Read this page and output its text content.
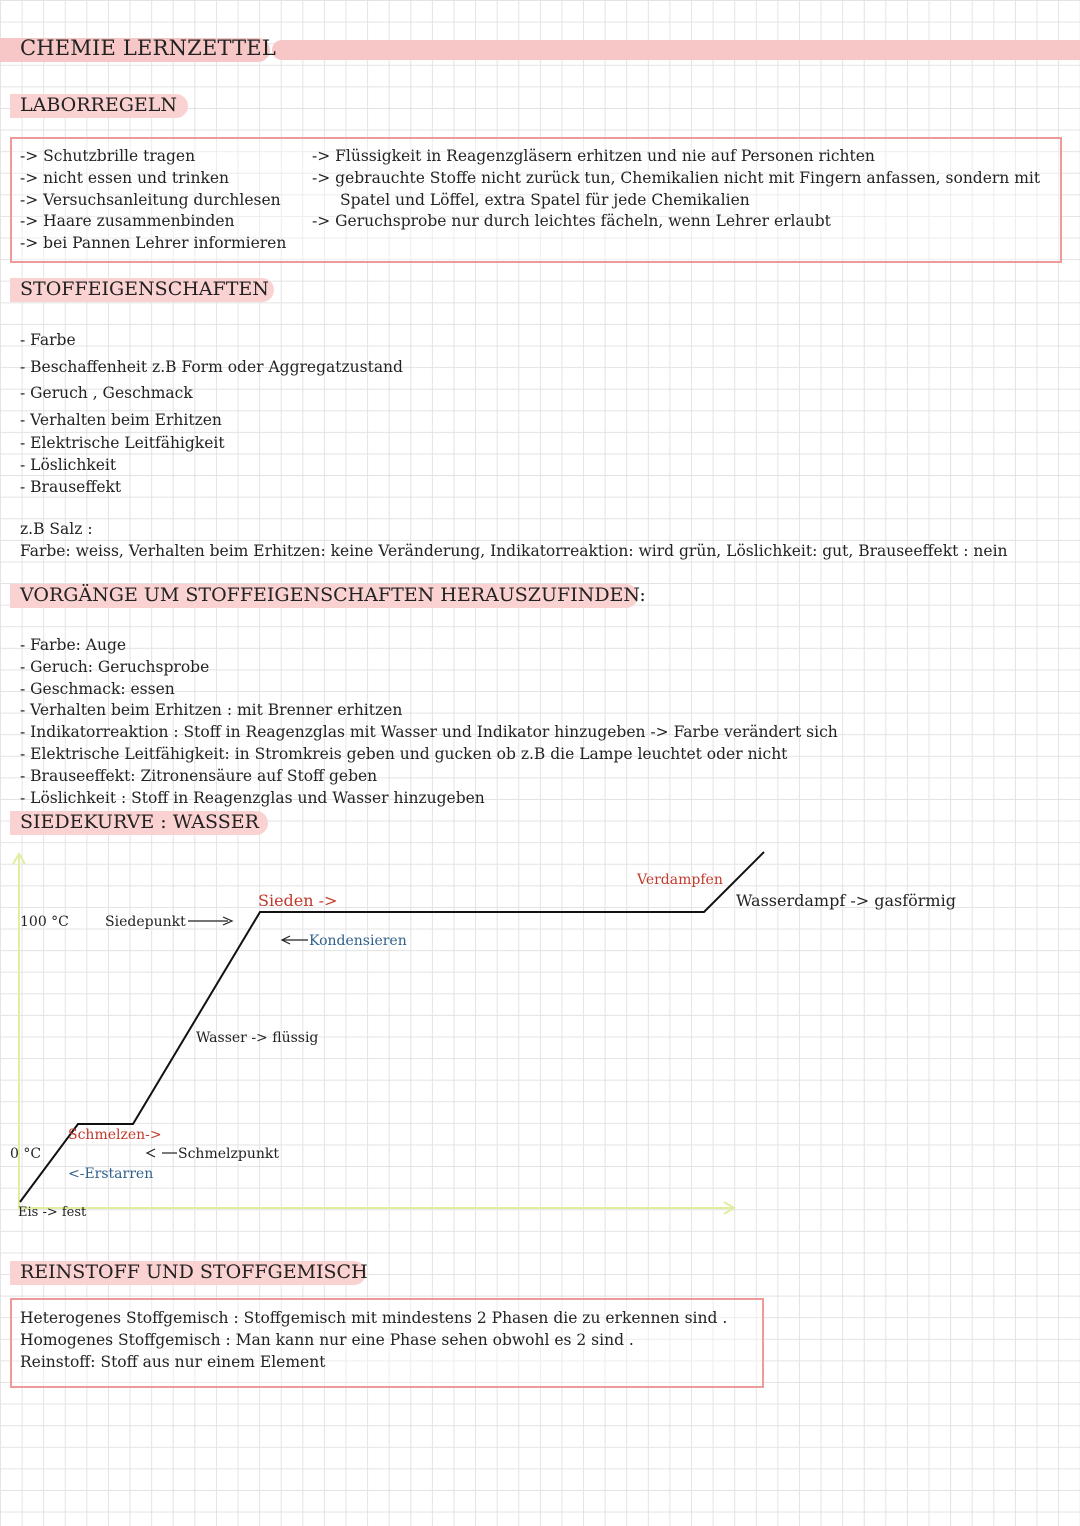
CHEMIE LERNZETTEL
LABORREGELN
-> Schutzbrille tragen
-> nicht essen und trinken
-> Versuchsanleitung durchlesen
-> Haare zusammenbinden
-> bei Pannen Lehrer informieren
-> Flüssigkeit in Reagenzgläsern erhitzen und nie auf Personen richten
-> gebrauchte Stoffe nicht zurück tun, Chemikalien nicht mit Fingern anfassen, sondern mit
Spatel und Löffel, extra Spatel für jede Chemikalien
-> Geruchsprobe nur durch leichtes fächeln, wenn Lehrer erlaubt
STOFFEIGENSCHAFTEN
- Farbe
- Beschaffenheit z.B Form oder Aggregatzustand
- Geruch , Geschmack
- Verhalten beim Erhitzen
- Elektrische Leitfähigkeit
- Löslichkeit
- Brauseffekt
z.B Salz :
Farbe: weiss, Verhalten beim Erhitzen: keine Veränderung, Indikatorreaktion: wird grün, Löslichkeit: gut, Brauseeffekt : nein
VORGÄNGE UM STOFFEIGENSCHAFTEN HERAUSZUFINDEN:
- Farbe: Auge
- Geruch: Geruchsprobe
- Geschmack: essen
- Verhalten beim Erhitzen : mit Brenner erhitzen
- Indikatorreaktion : Stoff in Reagenzglas mit Wasser und Indikator hinzugeben -> Farbe verändert sich
- Elektrische Leitfähigkeit: in Stromkreis geben und gucken ob z.B die Lampe leuchtet oder nicht
- Brauseeffekt: Zitronensäure auf Stoff geben
- Löslichkeit : Stoff in Reagenzglas und Wasser hinzugeben
SIEDEKURVE : WASSER
100 °C
0 °C
Siedepunkt
Sieden ->
Kondensieren
Verdampfen
Wasserdampf -> gasförmig
Wasser -> flüssig
Schmelzen->
Schmelzpunkt
<-Erstarren
Eis -> fest
REINSTOFF UND STOFFGEMISCH
Heterogenes Stoffgemisch : Stoffgemisch mit mindestens 2 Phasen die zu erkennen sind .
Homogenes Stoffgemisch : Man kann nur eine Phase sehen obwohl es 2 sind .
Reinstoff: Stoff aus nur einem Element
